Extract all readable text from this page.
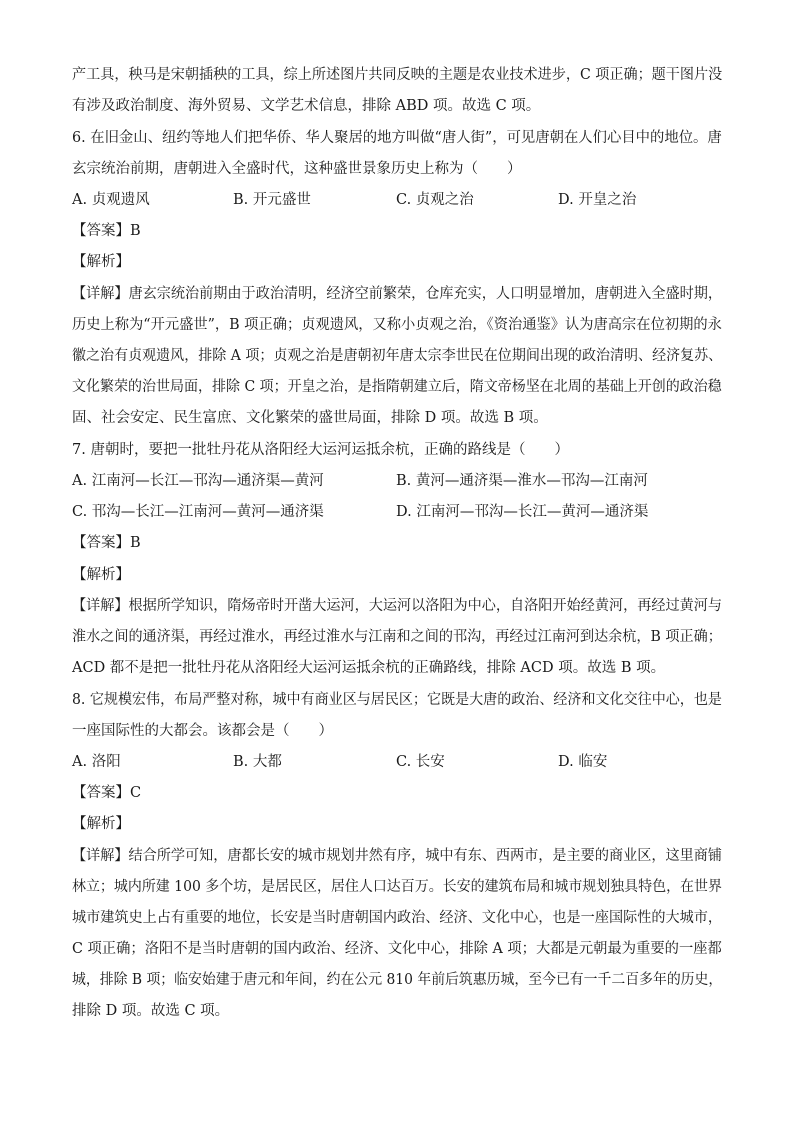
产工具，秧马是宋朝插秧的工具，综上所述图片共同反映的主题是农业技术进步，C 项正确；题干图片没
有涉及政治制度、海外贸易、文学艺术信息，排除 ABD 项。故选 C 项。
6. 在旧金山、纽约等地人们把华侨、华人聚居的地方叫做“唐人街”，可见唐朝在人们心目中的地位。唐
玄宗统治前期，唐朝进入全盛时代，这种盛世景象历史上称为（　　）
A. 贞观遗风	B. 开元盛世	C. 贞观之治	D. 开皇之治
【答案】B
【解析】
【详解】唐玄宗统治前期由于政治清明，经济空前繁荣，仓库充实，人口明显增加，唐朝进入全盛时期，
历史上称为“开元盛世”，B 项正确；贞观遗风，又称小贞观之治，《资治通鉴》认为唐高宗在位初期的永
徽之治有贞观遗风，排除 A 项；贞观之治是唐朝初年唐太宗李世民在位期间出现的政治清明、经济复苏、
文化繁荣的治世局面，排除 C 项；开皇之治，是指隋朝建立后，隋文帝杨坚在北周的基础上开创的政治稳
固、社会安定、民生富庶、文化繁荣的盛世局面，排除 D 项。故选 B 项。
7. 唐朝时，要把一批牡丹花从洛阳经大运河运抵余杭，正确的路线是（　　）
A. 江南河—长江—邗沟—通济渠—黄河	B. 黄河—通济渠—淮水—邗沟—江南河
C. 邗沟—长江—江南河—黄河—通济渠	D. 江南河—邗沟—长江—黄河—通济渠
【答案】B
【解析】
【详解】根据所学知识，隋炀帝时开凿大运河，大运河以洛阳为中心，自洛阳开始经黄河，再经过黄河与
淮水之间的通济渠，再经过淮水，再经过淮水与江南和之间的邗沟，再经过江南河到达余杭，B 项正确；
ACD 都不是把一批牡丹花从洛阳经大运河运抵余杭的正确路线，排除 ACD 项。故选 B 项。
8. 它规模宏伟，布局严整对称，城中有商业区与居民区；它既是大唐的政治、经济和文化交往中心，也是
一座国际性的大都会。该都会是（　　）
A. 洛阳	B. 大都	C. 长安	D. 临安
【答案】C
【解析】
【详解】结合所学可知，唐都长安的城市规划井然有序，城中有东、西两市，是主要的商业区，这里商铺
林立；城内所建 100 多个坊，是居民区，居住人口达百万。长安的建筑布局和城市规划独具特色，在世界
城市建筑史上占有重要的地位，长安是当时唐朝国内政治、经济、文化中心，也是一座国际性的大城市，
C 项正确；洛阳不是当时唐朝的国内政治、经济、文化中心，排除 A 项；大都是元朝最为重要的一座都
城，排除 B 项；临安始建于唐元和年间，约在公元 810 年前后筑惠历城，至今已有一千二百多年的历史，
排除 D 项。故选 C 项。
